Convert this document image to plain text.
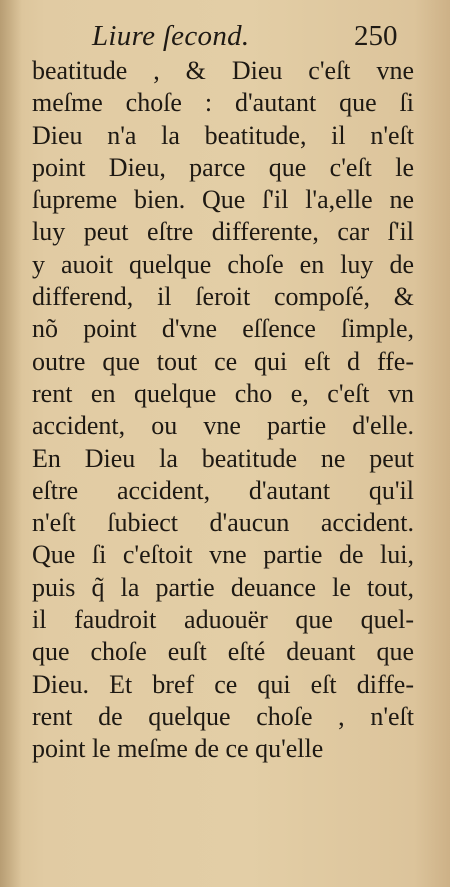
Liure ſecond.	250
beatitude , & Dieu c'eſt vne
meſme choſe : d'autant que ſi
Dieu n'a la beatitude, il n'eſt
point Dieu, parce que c'eſt le
ſupreme bien. Que ſ'il l'a,elle ne
luy peut eſtre differente, car ſ'il
y auoit quelque choſe en luy de
differend, il ſeroit compoſé, &
nõ point d'vne eſſence ſimple,
outre que tout ce qui eſt d ffe-
rent en quelque cho e, c'eſt vn
accident, ou vne partie d'elle.
En Dieu la beatitude ne peut
eſtre accident, d'autant qu'il
n'eſt ſubiect d'aucun accident.
Que ſi c'eſtoit vne partie de lui,
puis q̃ la partie deuance le tout,
il faudroit aduouër que quel-
que choſe euſt eſté deuant que
Dieu. Et bref ce qui eſt diffe-
rent de quelque choſe , n'eſt
point le meſme de ce qu'elle
